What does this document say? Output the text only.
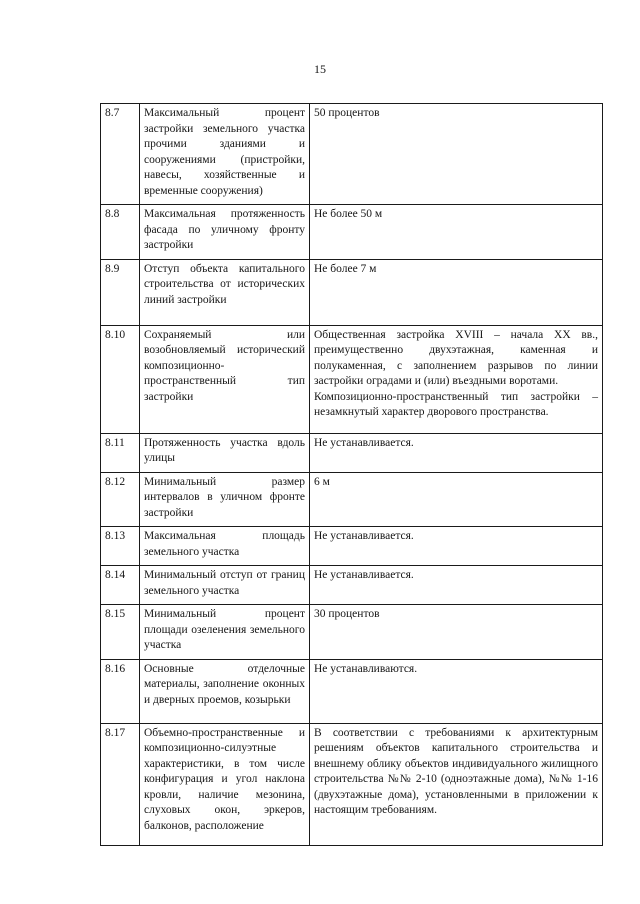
15
8.7	Максимальный процент застройки земельного участка прочими зданиями и сооружениями (пристройки, навесы, хозяйственные и временные сооружения)	50 процентов
8.8	Максимальная протяженность фасада по уличному фронту застройки	Не более 50 м
8.9	Отступ объекта капитального строительства от исторических линий застройки	Не более 7 м
8.10	Сохраняемый или возобновляемый исторический композиционно-пространственный тип застройки	Общественная застройка XVIII – начала XX вв., преимущественно двухэтажная, каменная и полукаменная, с заполнением разрывов по линии застройки оградами и (или) въездными воротами.
Композиционно-пространственный тип застройки – незамкнутый характер дворового пространства.
8.11	Протяженность участка вдоль улицы	Не устанавливается.
8.12	Минимальный размер интервалов в уличном фронте застройки	6 м
8.13	Максимальная площадь земельного участка	Не устанавливается.
8.14	Минимальный отступ от границ земельного участка	Не устанавливается.
8.15	Минимальный процент площади озеленения земельного участка	30 процентов
8.16	Основные отделочные материалы, заполнение оконных и дверных проемов, козырьки	Не устанавливаются.
8.17	Объемно-пространственные и композиционно-силуэтные характеристики, в том числе конфигурация и угол наклона кровли, наличие мезонина, слуховых окон, эркеров, балконов, расположение	В соответствии с требованиями к архитектурным решениям объектов капитального строительства и внешнему облику объектов индивидуального жилищного строительства №№ 2-10 (одноэтажные дома), №№ 1-16 (двухэтажные дома), установленными в приложении к настоящим требованиям.
